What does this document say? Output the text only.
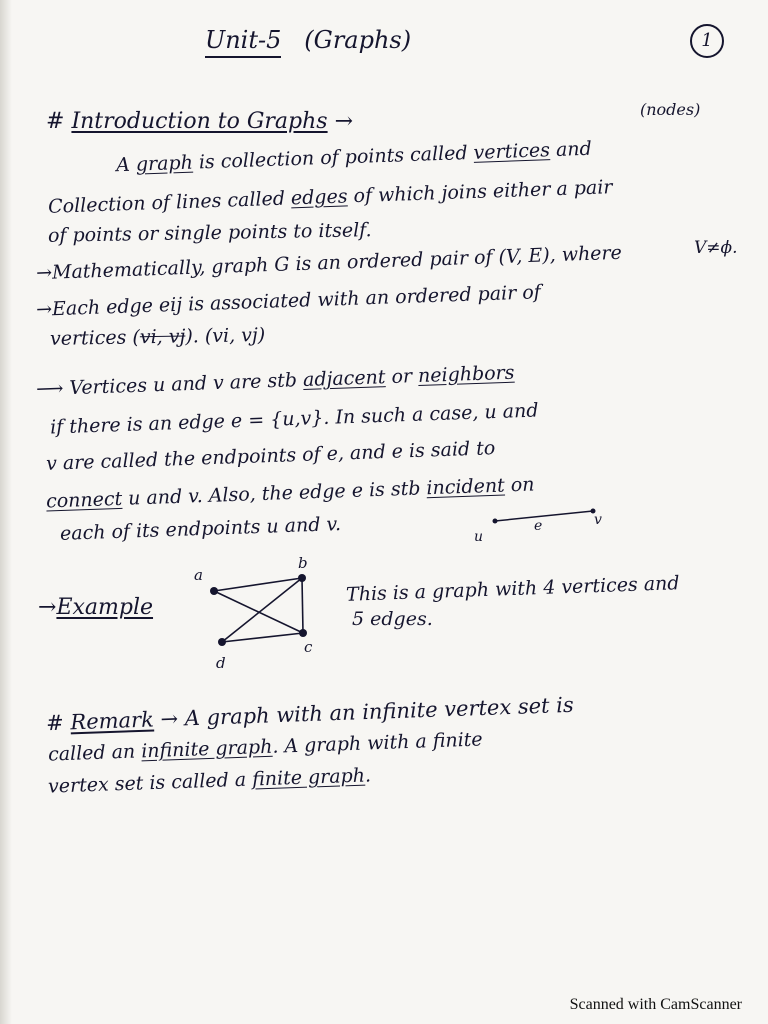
Unit-5 (Graphs)	1
# Introduction to Graphs →	(nodes)
A graph is collection of points called vertices and
Collection of lines called edges of which joins either a pair
of points or single points to itself.
→Mathematically, graph G is an ordered pair of (V, E), where	V≠ϕ.
→Each edge eij is associated with an ordered pair of
vertices (vi, vj). (vi, vj)
⟶ Vertices u and v are stb adjacent or neighbors
if there is an edge e = {u,v}. In such a case, u and
v are called the endpoints of e, and e is said to
connect u and v. Also, the edge e is stb incident on
each of its endpoints u and v.	u
e	v
→Example
a
b
c
d
This is a graph with 4 vertices and
5 edges.
# Remark → A graph with an infinite vertex set is
called an infinite graph. A graph with a finite
vertex set is called a finite graph.
Scanned with CamScanner
